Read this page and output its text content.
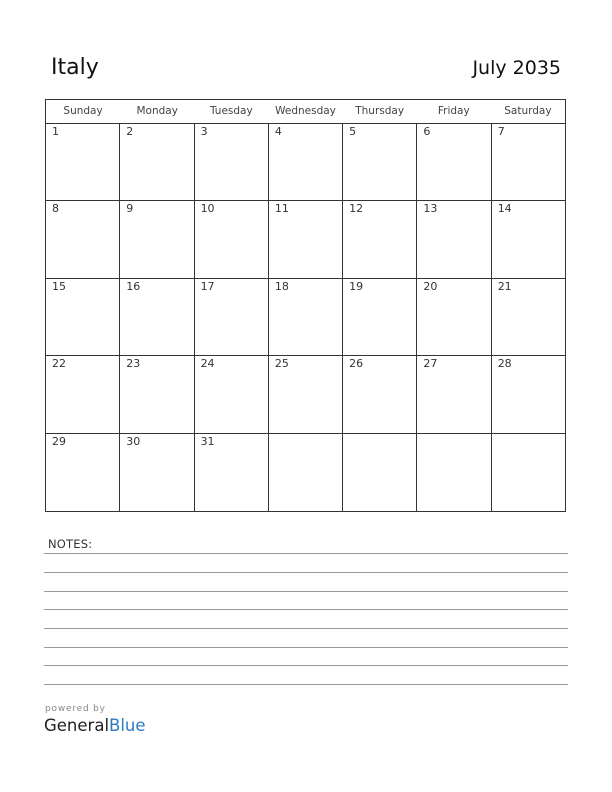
Italy	July 2035
Sunday	Monday	Tuesday	Wednesday	Thursday	Friday	Saturday
1	2	3	4	5	6	7
8	9	10	11	12	13	14
15	16	17	18	19	20	21
22	23	24	25	26	27	28
29	30	31
NOTES:
powered by
GeneralBlue
